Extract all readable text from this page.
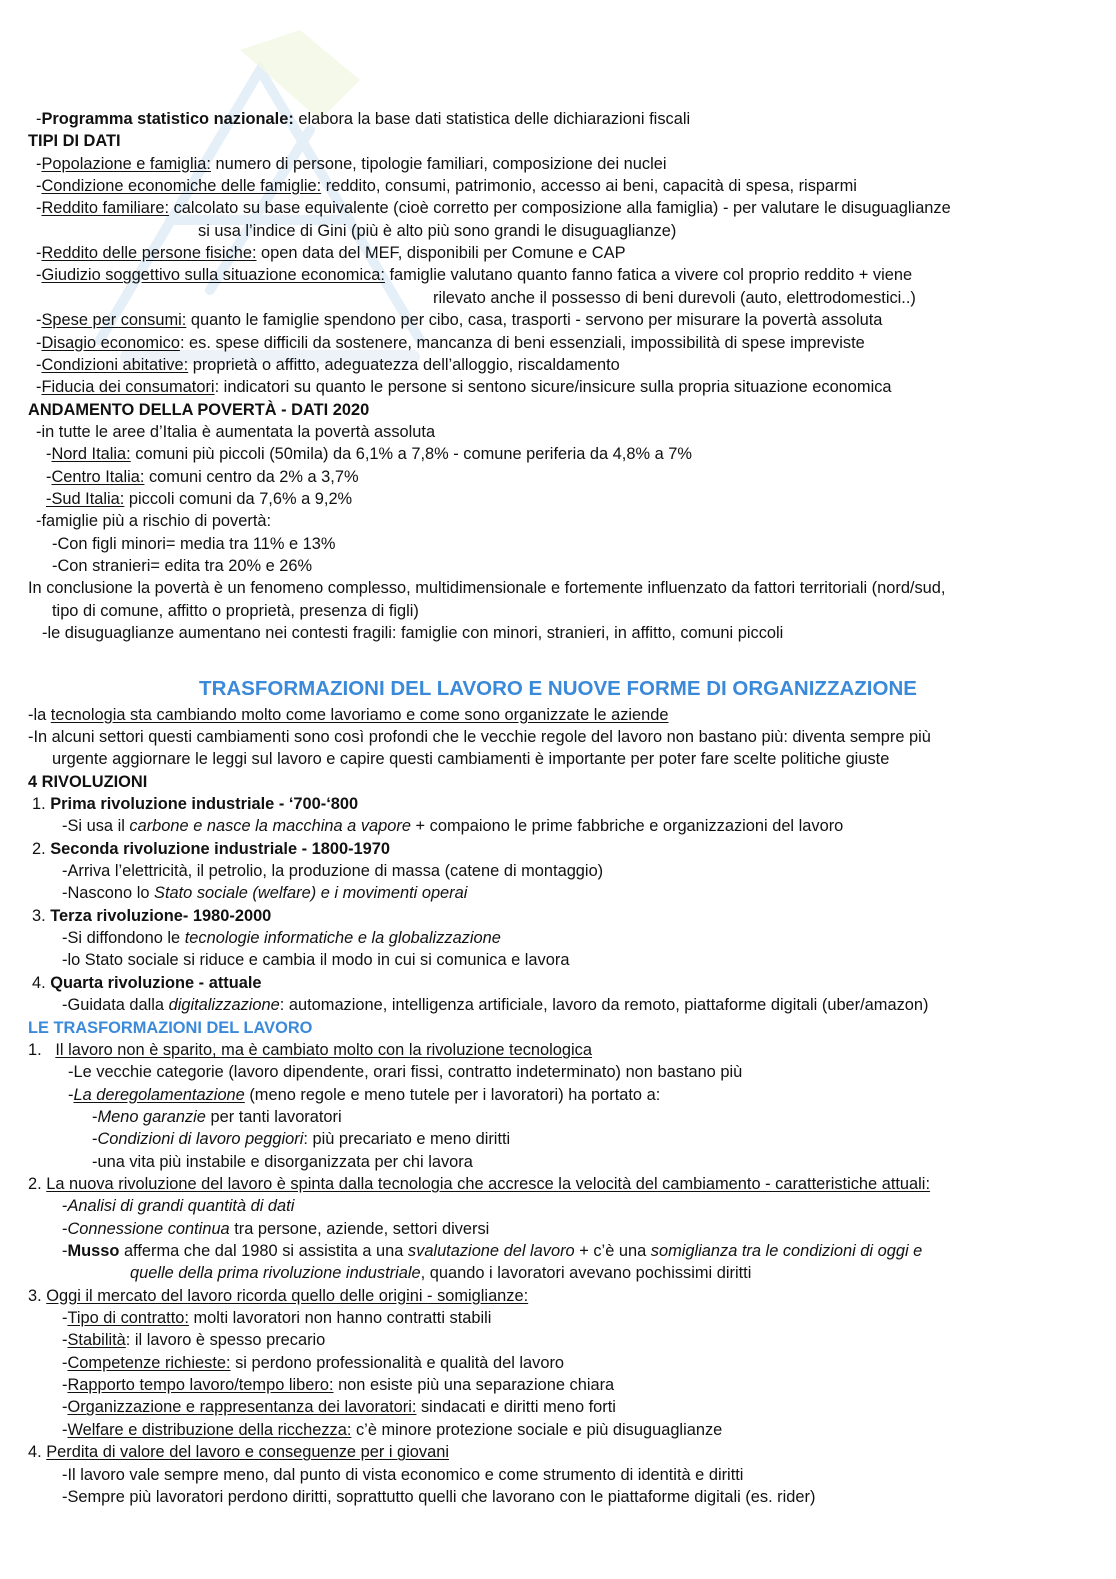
-Programma statistico nazionale: elabora la base dati statistica delle dichiarazioni fiscali
TIPI DI DATI
-Popolazione e famiglia: numero di persone, tipologie familiari, composizione dei nuclei
-Condizione economiche delle famiglie: reddito, consumi, patrimonio, accesso ai beni, capacità di spesa, risparmi
-Reddito familiare: calcolato su base equivalente (cioè corretto per composizione alla famiglia) - per valutare le disuguaglianze
si usa l’indice di Gini (più è alto più sono grandi le disuguaglianze)
-Reddito delle persone fisiche: open data del MEF, disponibili per Comune e CAP
-Giudizio soggettivo sulla situazione economica: famiglie valutano quanto fanno fatica a vivere col proprio reddito + viene
rilevato anche il possesso di beni durevoli (auto, elettrodomestici..)
-Spese per consumi: quanto le famiglie spendono per cibo, casa, trasporti - servono per misurare la povertà assoluta
-Disagio economico: es. spese difficili da sostenere, mancanza di beni essenziali, impossibilità di spese impreviste
-Condizioni abitative: proprietà o affitto, adeguatezza dell’alloggio, riscaldamento
-Fiducia dei consumatori: indicatori su quanto le persone si sentono sicure/insicure sulla propria situazione economica
ANDAMENTO DELLA POVERTÀ - DATI 2020
-in tutte le aree d’Italia è aumentata la povertà assoluta
-Nord Italia: comuni più piccoli (50mila) da 6,1% a 7,8% - comune periferia da 4,8% a 7%
-Centro Italia: comuni centro da 2% a 3,7%
-Sud Italia: piccoli comuni da 7,6% a 9,2%
-famiglie più a rischio di povertà:
-Con figli minori= media tra 11% e 13%
-Con stranieri= edita tra 20% e 26%
In conclusione la povertà è un fenomeno complesso, multidimensionale e fortemente influenzato da fattori territoriali (nord/sud,
tipo di comune, affitto o proprietà, presenza di figli)
-le disuguaglianze aumentano nei contesti fragili: famiglie con minori, stranieri, in affitto, comuni piccoli
TRASFORMAZIONI DEL LAVORO E NUOVE FORME DI ORGANIZZAZIONE
-la tecnologia sta cambiando molto come lavoriamo e come sono organizzate le aziende
-In alcuni settori questi cambiamenti sono così profondi che le vecchie regole del lavoro non bastano più: diventa sempre più
urgente aggiornare le leggi sul lavoro e capire questi cambiamenti è importante per poter fare scelte politiche giuste
4 RIVOLUZIONI
1. Prima rivoluzione industriale - ‘700-‘800
-Si usa il carbone e nasce la macchina a vapore + compaiono le prime fabbriche e organizzazioni del lavoro
2. Seconda rivoluzione industriale - 1800-1970
-Arriva l’elettricità, il petrolio, la produzione di massa (catene di montaggio)
-Nascono lo Stato sociale (welfare) e i movimenti operai
3. Terza rivoluzione- 1980-2000
-Si diffondono le tecnologie informatiche e la globalizzazione
-lo Stato sociale si riduce e cambia il modo in cui si comunica e lavora
4. Quarta rivoluzione - attuale
-Guidata dalla digitalizzazione: automazione, intelligenza artificiale, lavoro da remoto, piattaforme digitali (uber/amazon)
LE TRASFORMAZIONI DEL LAVORO
1.   Il lavoro non è sparito, ma è cambiato molto con la rivoluzione tecnologica
-Le vecchie categorie (lavoro dipendente, orari fissi, contratto indeterminato) non bastano più
-La deregolamentazione (meno regole e meno tutele per i lavoratori) ha portato a:
-Meno garanzie per tanti lavoratori
-Condizioni di lavoro peggiori: più precariato e meno diritti
-una vita più instabile e disorganizzata per chi lavora
2. La nuova rivoluzione del lavoro è spinta dalla tecnologia che accresce la velocità del cambiamento - caratteristiche attuali:
-Analisi di grandi quantità di dati
-Connessione continua tra persone, aziende, settori diversi
-Musso afferma che dal 1980 si assistita a una svalutazione del lavoro + c’è una somiglianza tra le condizioni di oggi e
quelle della prima rivoluzione industriale, quando i lavoratori avevano pochissimi diritti
3. Oggi il mercato del lavoro ricorda quello delle origini - somiglianze:
-Tipo di contratto: molti lavoratori non hanno contratti stabili
-Stabilità: il lavoro è spesso precario
-Competenze richieste: si perdono professionalità e qualità del lavoro
-Rapporto tempo lavoro/tempo libero: non esiste più una separazione chiara
-Organizzazione e rappresentanza dei lavoratori: sindacati e diritti meno forti
-Welfare e distribuzione della ricchezza: c’è minore protezione sociale e più disuguaglianze
4. Perdita di valore del lavoro e conseguenze per i giovani
-Il lavoro vale sempre meno, dal punto di vista economico e come strumento di identità e diritti
-Sempre più lavoratori perdono diritti, soprattutto quelli che lavorano con le piattaforme digitali (es. rider)
